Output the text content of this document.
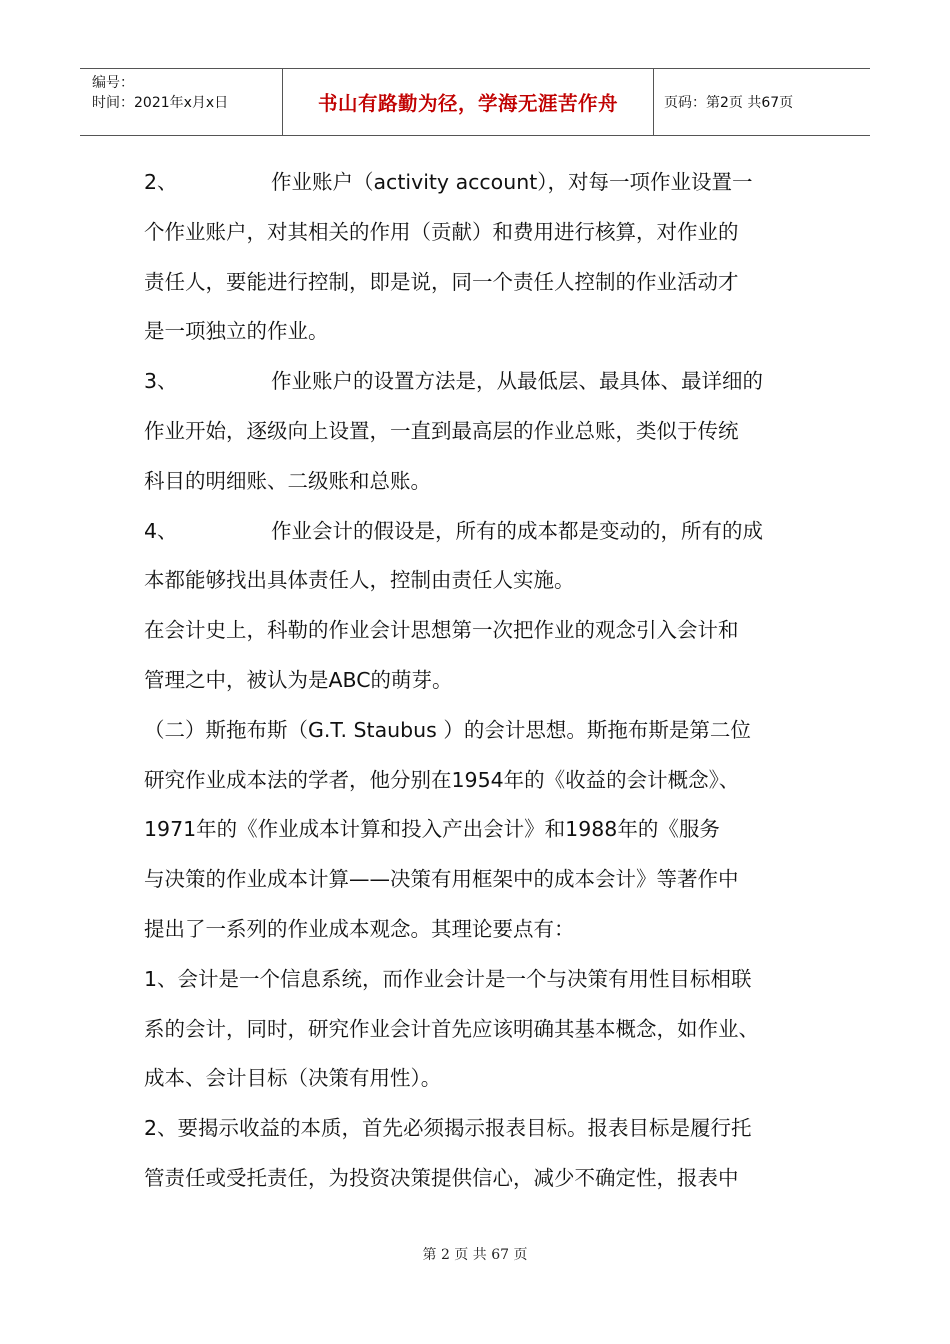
编号：
时间：2021年x月x日	书山有路勤为径，学海无涯苦作舟	页码：第2页 共67页

2、	作业账户（activity account），对每一项作业设置一

个作业账户，对其相关的作用（贡献）和费用进行核算，对作业的

责任人，要能进行控制，即是说，同一个责任人控制的作业活动才

是一项独立的作业。

3、	作业账户的设置方法是，从最低层、最具体、最详细的

作业开始，逐级向上设置，一直到最高层的作业总账，类似于传统

科目的明细账、二级账和总账。

4、	作业会计的假设是，所有的成本都是变动的，所有的成

本都能够找出具体责任人，控制由责任人实施。

在会计史上，科勒的作业会计思想第一次把作业的观念引入会计和

管理之中，被认为是ABC的萌芽。

（二）斯拖布斯（G.T. Staubus ）的会计思想。斯拖布斯是第二位

研究作业成本法的学者，他分别在1954年的《收益的会计概念》、

1971年的《作业成本计算和投入产出会计》和1988年的《服务

与决策的作业成本计算——决策有用框架中的成本会计》等著作中

提出了一系列的作业成本观念。其理论要点有：

1、会计是一个信息系统，而作业会计是一个与决策有用性目标相联

系的会计，同时，研究作业会计首先应该明确其基本概念，如作业、

成本、会计目标（决策有用性）。

2、要揭示收益的本质，首先必须揭示报表目标。报表目标是履行托

管责任或受托责任，为投资决策提供信心，减少不确定性，报表中

第 2 页 共 67 页
